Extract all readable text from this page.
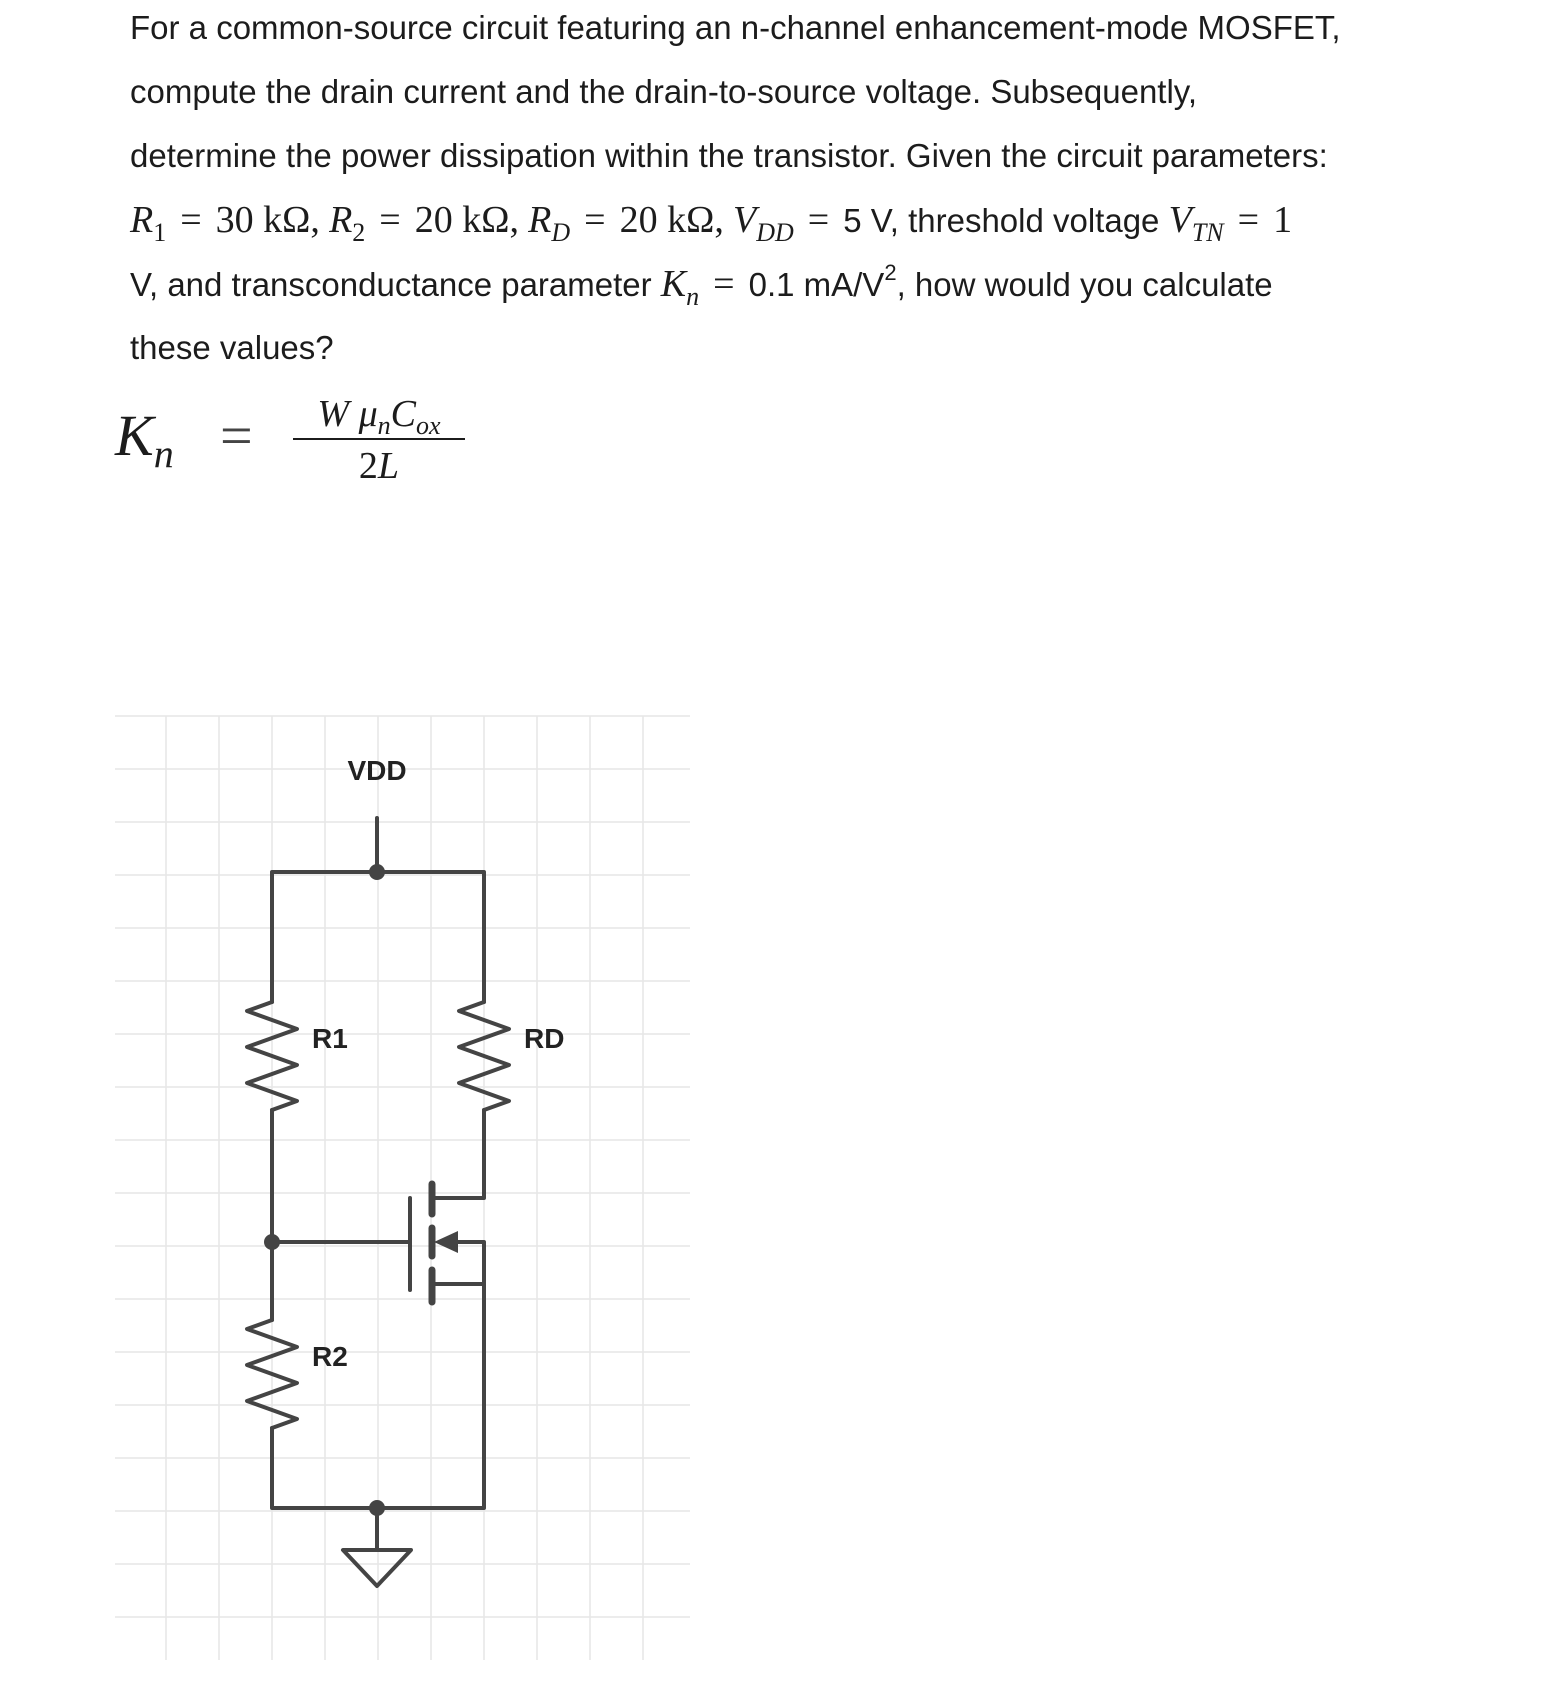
For a common-source circuit featuring an n-channel enhancement-mode MOSFET,
compute the drain current and the drain-to-source voltage. Subsequently,
determine the power dissipation within the transistor. Given the circuit parameters:
$R_1 = 30$ kΩ, $R_2 = 20$ kΩ, $R_D = 20$ kΩ, $V_{DD} = 5$ V, threshold voltage $V_{TN} = 1$
V, and transconductance parameter $K_n = 0.1$ $mA/V^2$, how would you calculate
these values?
Kn =	W $\mu_nC_{ox}$
2L
VDD
R1	RD
R2
